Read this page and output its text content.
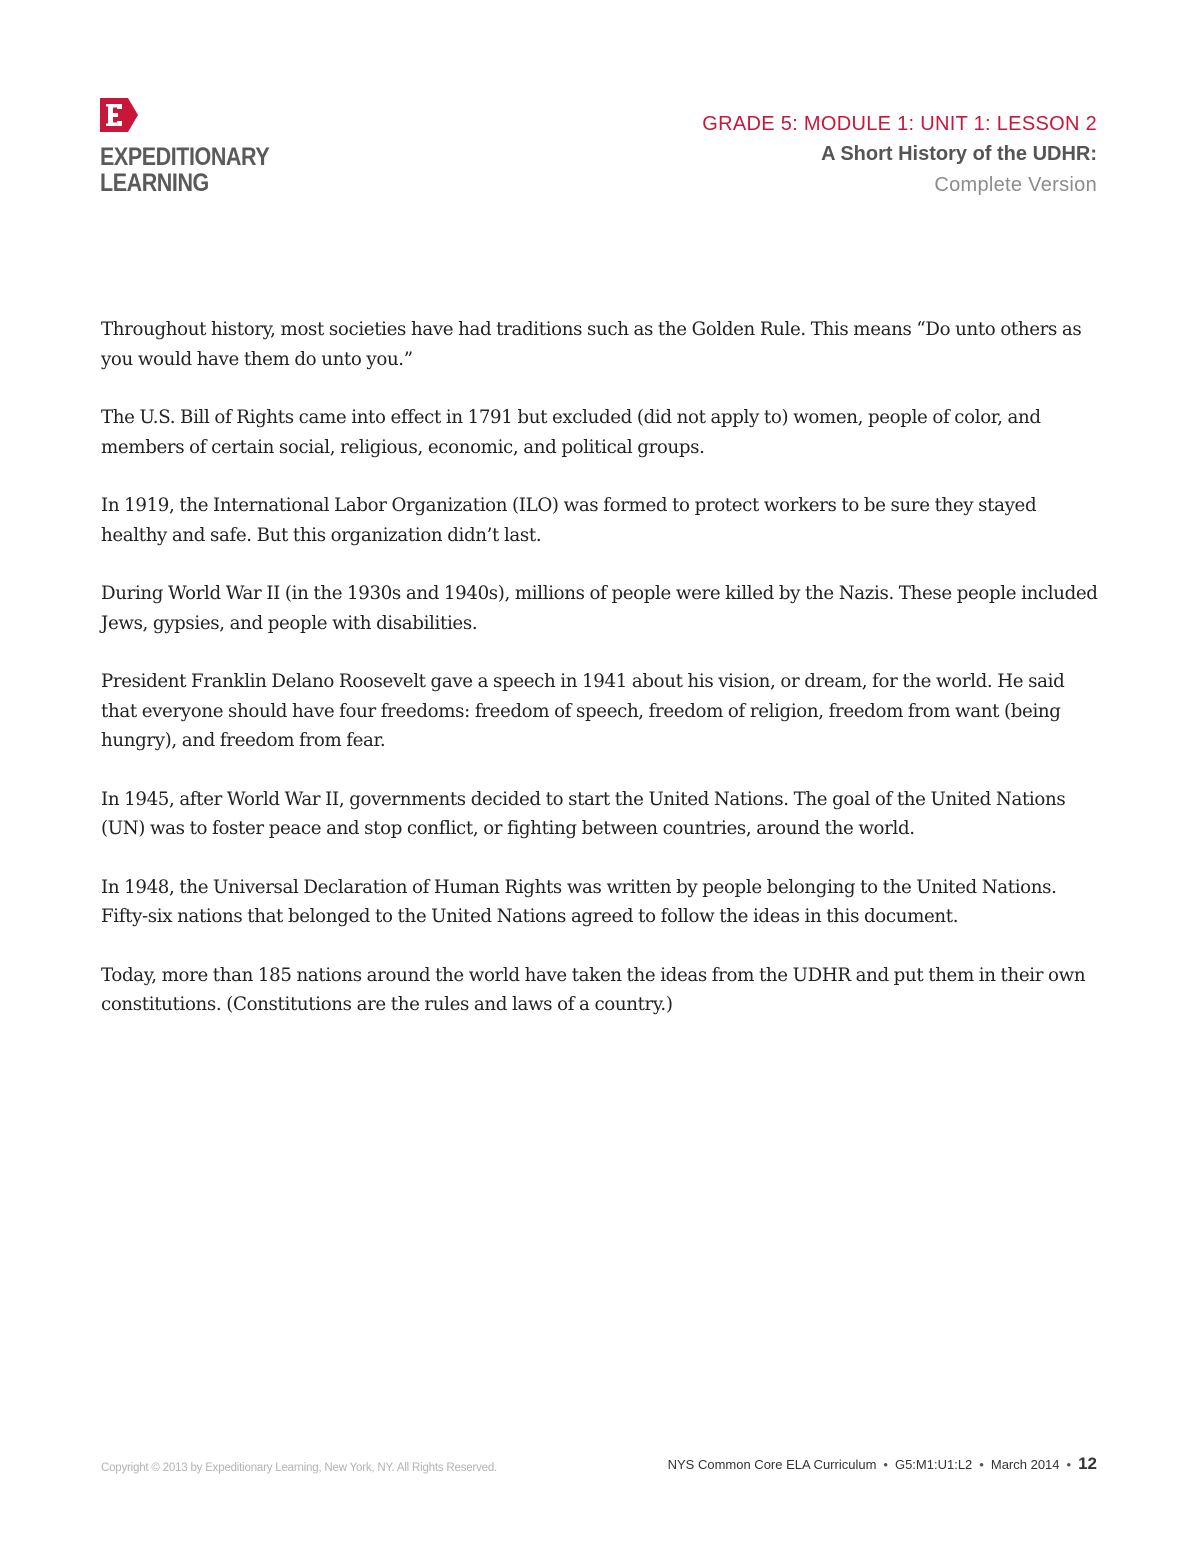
EXPEDITIONARY
LEARNING
GRADE 5: MODULE 1: UNIT 1: LESSON 2
A Short History of the UDHR:
Complete Version

Throughout history, most societies have had traditions such as the Golden Rule. This means “Do unto others as you would have them do unto you.”

The U.S. Bill of Rights came into effect in 1791 but excluded (did not apply to) women, people of color, and members of certain social, religious, economic, and political groups.

In 1919, the International Labor Organization (ILO) was formed to protect workers to be sure they stayed healthy and safe. But this organization didn’t last.

During World War II (in the 1930s and 1940s), millions of people were killed by the Nazis. These people included Jews, gypsies, and people with disabilities.

President Franklin Delano Roosevelt gave a speech in 1941 about his vision, or dream, for the world. He said that everyone should have four freedoms: freedom of speech, freedom of religion, freedom from want (being hungry), and freedom from fear.

In 1945, after World War II, governments decided to start the United Nations. The goal of the United Nations (UN) was to foster peace and stop conflict, or fighting between countries, around the world.

In 1948, the Universal Declaration of Human Rights was written by people belonging to the United Nations. Fifty-six nations that belonged to the United Nations agreed to follow the ideas in this document.

Today, more than 185 nations around the world have taken the ideas from the UDHR and put them in their own constitutions. (Constitutions are the rules and laws of a country.)

Copyright © 2013 by Expeditionary Learning, New York, NY. All Rights Reserved.	NYS Common Core ELA Curriculum • G5:M1:U1:L2 • March 2014 • 12
